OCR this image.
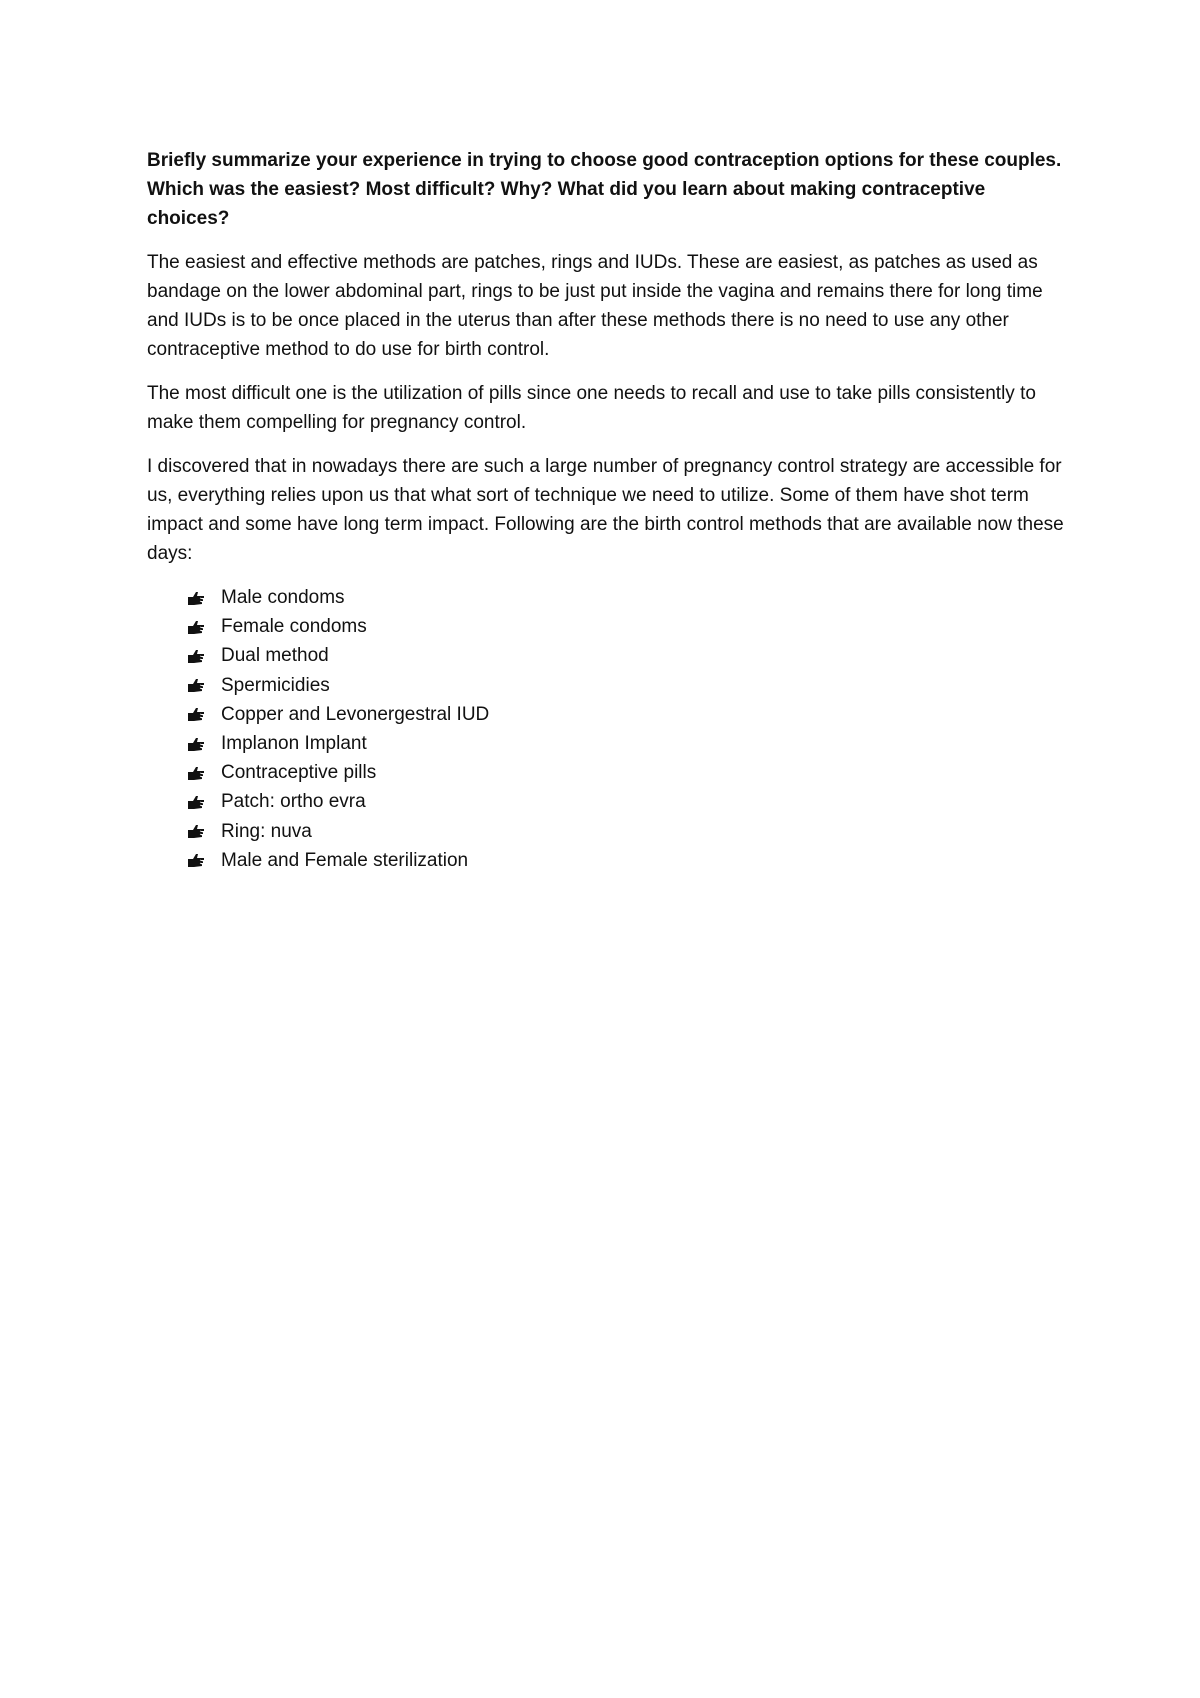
Briefly summarize your experience in trying to choose good contraception options for these couples. Which was the easiest? Most difficult? Why? What did you learn about making contraceptive choices?

The easiest and effective methods are patches, rings and IUDs. These are easiest, as patches as used as bandage on the lower abdominal part, rings to be just put inside the vagina and remains there for long time and IUDs is to be once placed in the uterus than after these methods there is no need to use any other contraceptive method to do use for birth control.

The most difficult one is the utilization of pills since one needs to recall and use to take pills consistently to make them compelling for pregnancy control.

I discovered that in nowadays there are such a large number of pregnancy control strategy are accessible for us, everything relies upon us that what sort of technique we need to utilize. Some of them have shot term impact and some have long term impact. Following are the birth control methods that are available now these days:

Male condoms
Female condoms
Dual method
Spermicidies
Copper and Levonergestral IUD
Implanon Implant
Contraceptive pills
Patch: ortho evra
Ring: nuva
Male and Female sterilization
